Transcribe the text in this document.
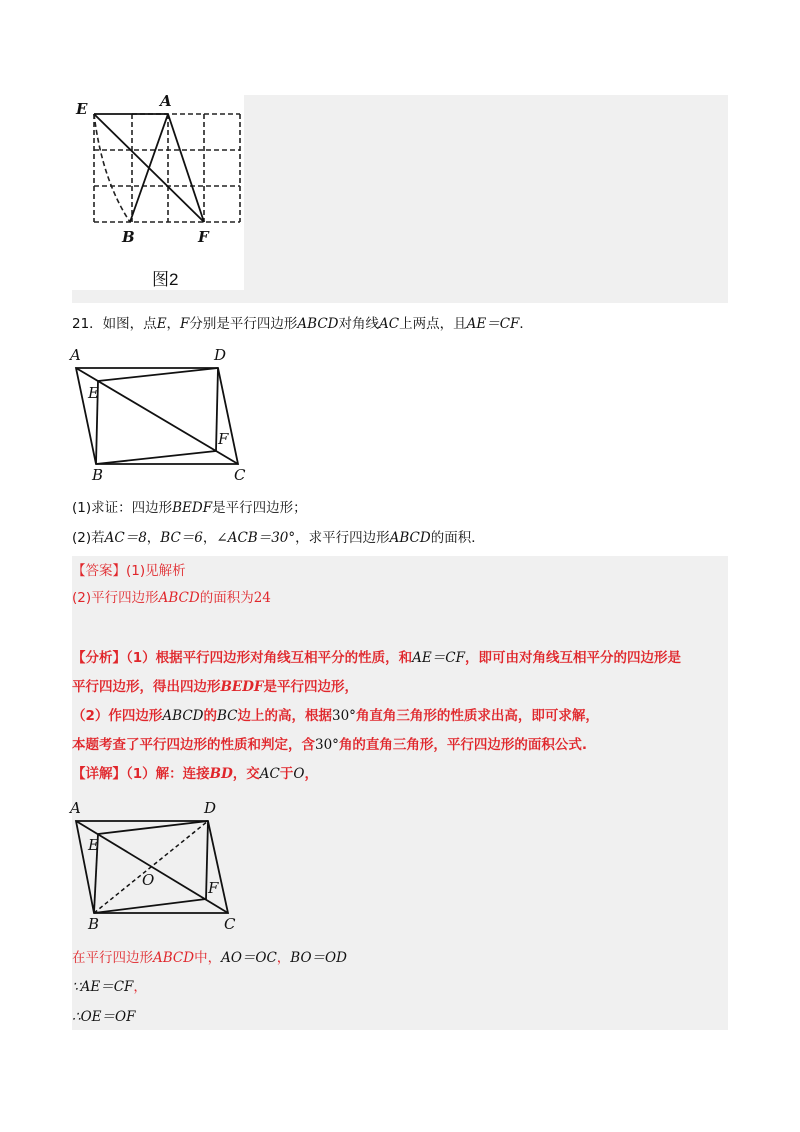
E	A
B	F
图2
21．如图，点E，F分别是平行四边形ABCD对角线AC上两点，且AE＝CF．
A	D
E
F
B	C
(1)求证：四边形BEDF是平行四边形；
(2)若AC＝8，BC＝6，∠ACB＝30°，求平行四边形ABCD的面积．
【答案】(1)见解析
(2)平行四边形ABCD的面积为24
【分析】（1）根据平行四边形对角线互相平分的性质，和AE＝CF，即可由对角线互相平分的四边形是
平行四边形，得出四边形BEDF是平行四边形，
（2）作四边形ABCD的BC边上的高，根据30°角直角三角形的性质求出高，即可求解，
本题考查了平行四边形的性质和判定，含30°角的直角三角形，平行四边形的面积公式.
【详解】（1）解：连接BD，交AC于O，
A	D
E
O	F
B	C
在平行四边形ABCD中，AO＝OC，BO＝OD
∵AE＝CF，
∴OE＝OF
